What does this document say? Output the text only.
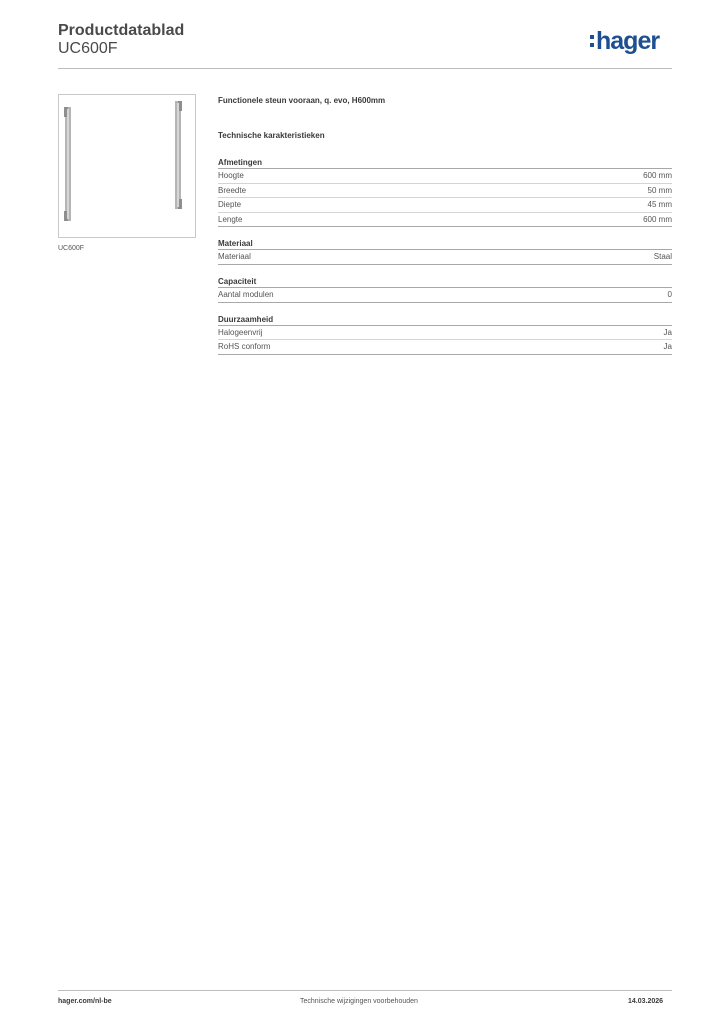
Productdatablad
UC600F	hager
UC600F
Functionele steun vooraan, q. evo, H600mm
Technische karakteristieken
Afmetingen
Hoogte	600 mm
Breedte	50 mm
Diepte	45 mm
Lengte	600 mm
Materiaal
Materiaal	Staal
Capaciteit
Aantal modulen	0
Duurzaamheid
Halogeenvrij	Ja
RoHS conform	Ja
hager.com/nl-be	Technische wijzigingen voorbehouden	14.03.2026
